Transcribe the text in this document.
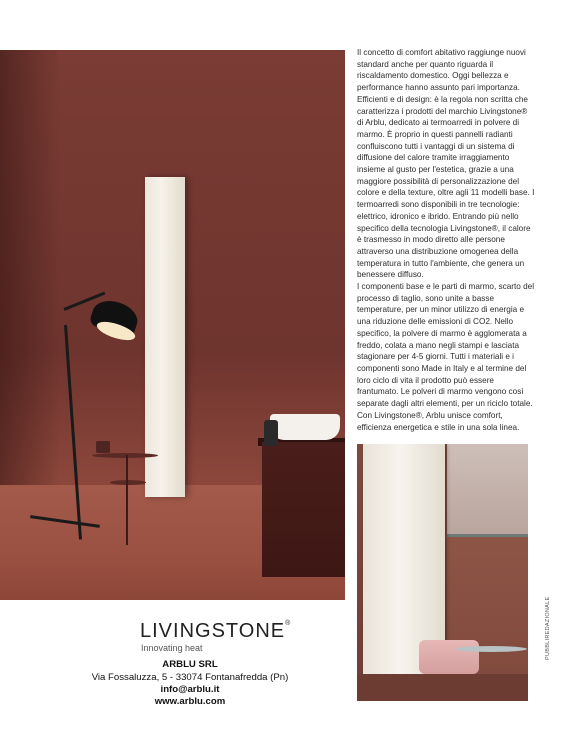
LIVINGSTONE®
Innovating heat
ARBLU SRL
Via Fossaluzza, 5 - 33074 Fontanafredda (Pn)
info@arblu.it
www.arblu.com

Il concetto di comfort abitativo raggiunge nuovi standard anche per quanto riguarda il riscaldamento domestico. Oggi bellezza e performance hanno assunto pari importanza. Efficienti e di design: è la regola non scritta che caratterizza i prodotti del marchio Livingstone® di Arblu, dedicato ai termoarredi in polvere di marmo. È proprio in questi pannelli radianti confluiscono tutti i vantaggi di un sistema di diffusione del calore tramite irraggiamento insieme al gusto per l'estetica, grazie a una maggiore possibilità di personalizzazione del colore e della texture, oltre agli 11 modelli base. I termoarredi sono disponibili in tre tecnologie: elettrico, idronico e ibrido. Entrando più nello specifico della tecnologia Livingstone®, il calore è trasmesso in modo diretto alle persone attraverso una distribuzione omogenea della temperatura in tutto l'ambiente, che genera un benessere diffuso.

I componenti base e le parti di marmo, scarto del processo di taglio, sono unite a basse temperature, per un minor utilizzo di energia e una riduzione delle emissioni di CO2. Nello specifico, la polvere di marmo è agglomerata a freddo, colata a mano negli stampi e lasciata stagionare per 4-5 giorni. Tutti i materiali e i componenti sono Made in Italy e al termine del loro ciclo di vita il prodotto può essere frantumato. Le polveri di marmo vengono così separate dagli altri elementi, per un riciclo totale. Con Livingstone®, Arblu unisce comfort, efficienza energetica e stile in una sola linea.

PUBBLIREDAZIONALE
